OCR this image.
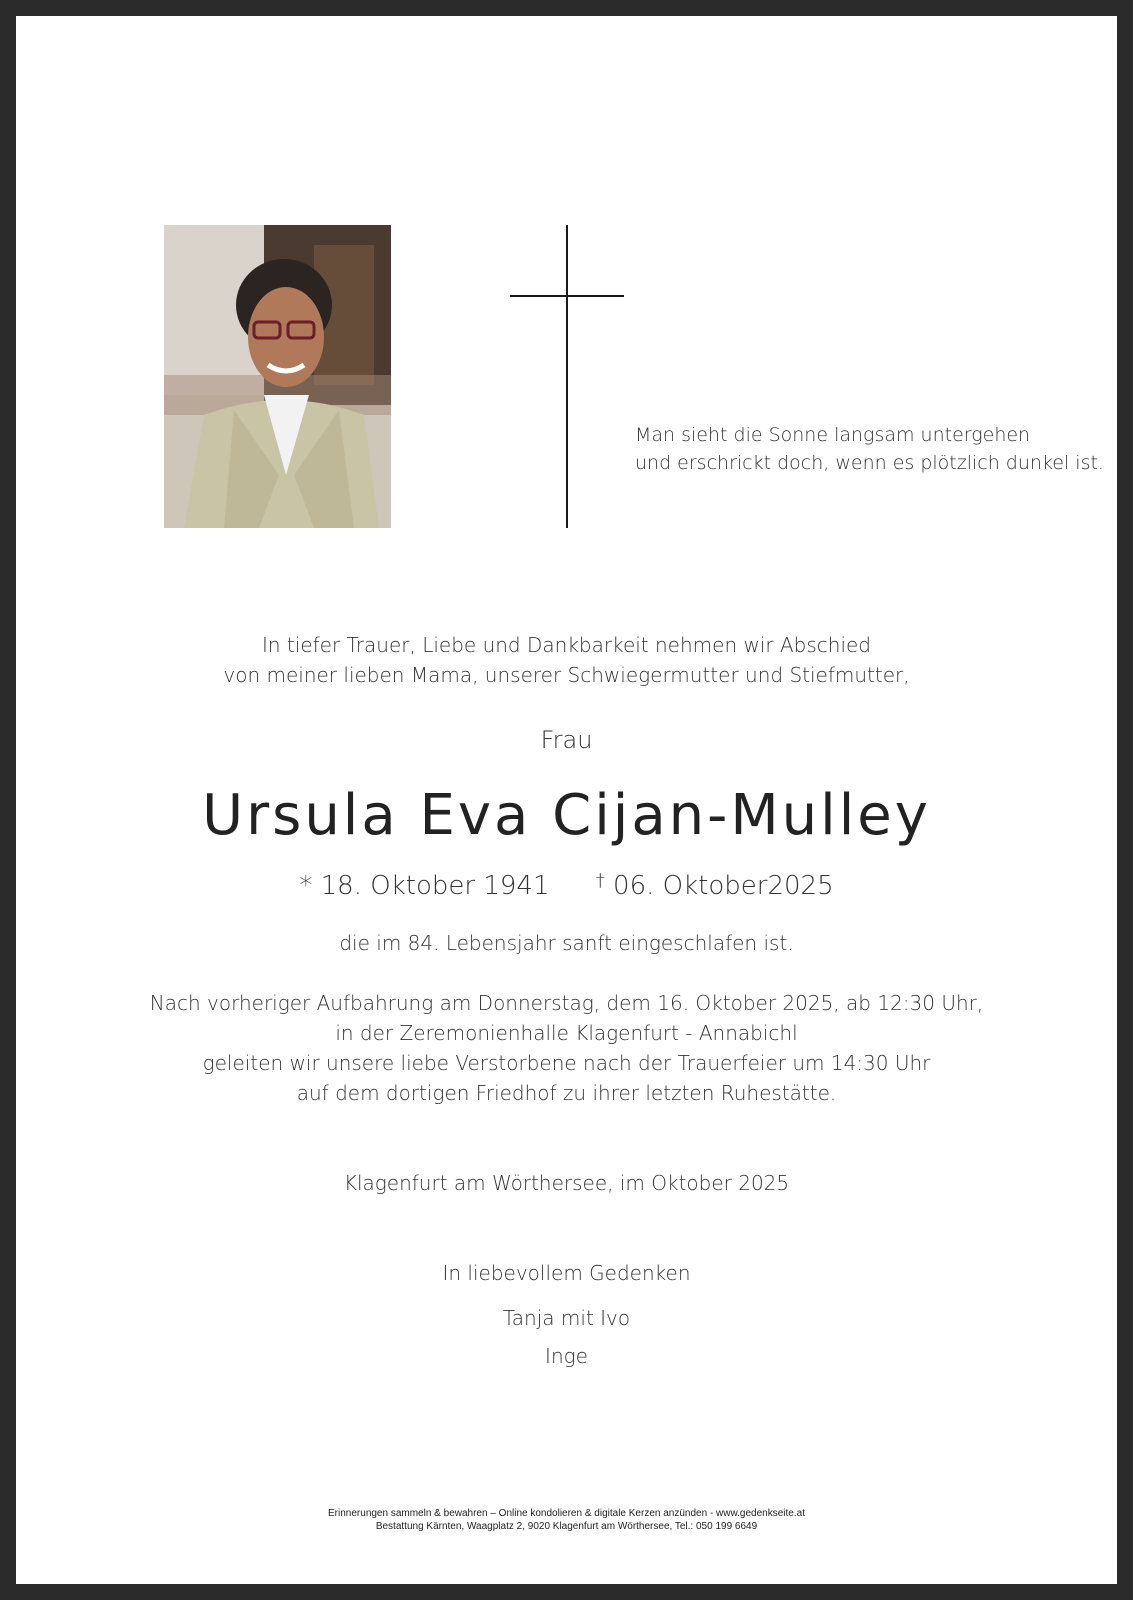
Man sieht die Sonne langsam untergehen
und erschrickt doch, wenn es plötzlich dunkel ist.
In tiefer Trauer, Liebe und Dankbarkeit nehmen wir Abschied
von meiner lieben Mama, unserer Schwiegermutter und Stiefmutter,
Frau
Ursula Eva Cijan-Mulley
* 18. Oktober 1941	† 06. Oktober2025
die im 84. Lebensjahr sanft eingeschlafen ist.
Nach vorheriger Aufbahrung am Donnerstag, dem 16. Oktober 2025, ab 12:30 Uhr,
in der Zeremonienhalle Klagenfurt - Annabichl
geleiten wir unsere liebe Verstorbene nach der Trauerfeier um 14:30 Uhr
auf dem dortigen Friedhof zu ihrer letzten Ruhestätte.
Klagenfurt am Wörthersee, im Oktober 2025
In liebevollem Gedenken
Tanja mit Ivo
Inge
Erinnerungen sammeln & bewahren – Online kondolieren & digitale Kerzen anzünden - www.gedenkseite.at
Bestattung Kärnten, Waagplatz 2, 9020 Klagenfurt am Wörthersee, Tel.: 050 199 6649
